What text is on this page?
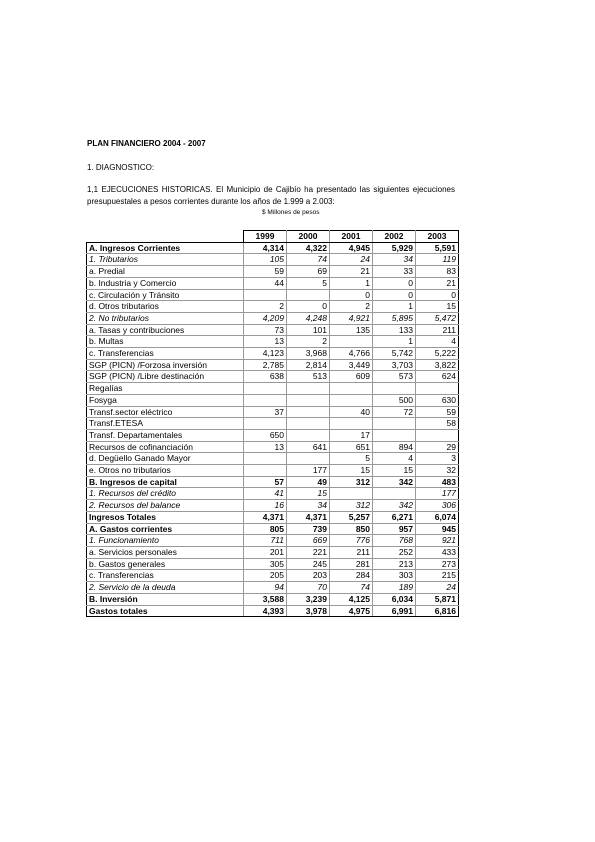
PLAN FINANCIERO 2004 - 2007
1. DIAGNOSTICO:
1,1 EJECUCIONES HISTORICAS. El Municipio de Cajibío ha presentado las siguientes ejecuciones presupuestales a pesos corrientes durante los años de 1.999 a 2.003:
$ Millones de pesos
	1999	2000	2001	2002	2003
A. Ingresos Corrientes	4,314	4,322	4,945	5,929	5,591
1. Tributarios	105	74	24	34	119
a. Predial	59	69	21	33	83
b. Industria y Comercio	44	5	1	0	21
c. Circulación y Tránsito			0	0	0
d. Otros tributarios	2	0	2	1	15
2. No tributarios	4,209	4,248	4,921	5,895	5,472
a. Tasas y contribuciones	73	101	135	133	211
b. Multas	13	2		1	4
c. Transferencias	4,123	3,968	4,766	5,742	5,222
SGP (PICN) /Forzosa inversión	2,785	2,814	3,449	3,703	3,822
SGP (PICN) /Libre destinación	638	513	609	573	624
Regalías					
Fosyga				500	630
Transf.sector eléctrico	37		40	72	59
Transf.ETESA					58
Transf. Departamentales	650		17		
Recursos de cofinanciación	13	641	651	894	29
d. Degüello Ganado Mayor			5	4	3
e. Otros no tributarios		177	15	15	32
B. Ingresos de capital	57	49	312	342	483
1. Recursos del crédito	41	15			177
2. Recursos del balance	16	34	312	342	306
Ingresos Totales	4,371	4,371	5,257	6,271	6,074
A. Gastos corrientes	805	739	850	957	945
1. Funcionamiento	711	669	776	768	921
a. Servicios personales	201	221	211	252	433
b. Gastos generales	305	245	281	213	273
c. Transferencias	205	203	284	303	215
2. Servicio de la deuda	94	70	74	189	24
B. Inversión	3,588	3,239	4,125	6,034	5,871
Gastos totales	4,393	3,978	4,975	6,991	6,816
